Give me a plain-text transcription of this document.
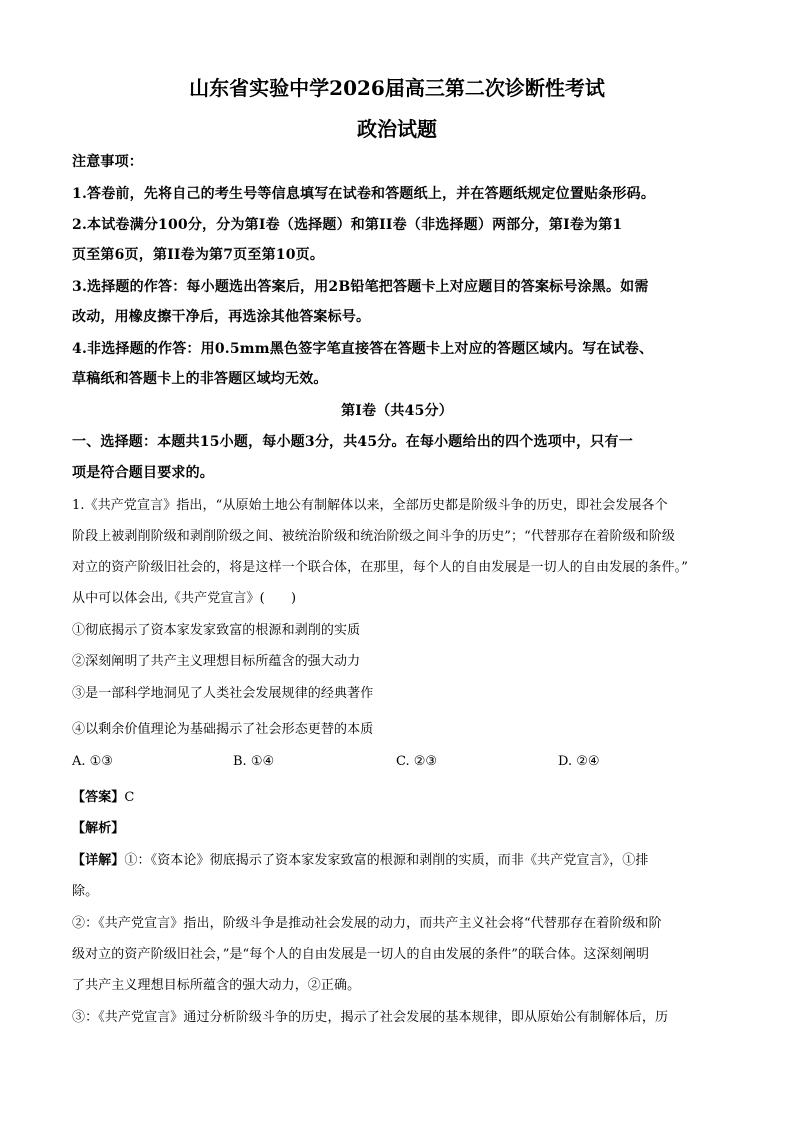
山东省实验中学2026届高三第二次诊断性考试
政治试题
注意事项：
1.答卷前，先将自己的考生号等信息填写在试卷和答题纸上，并在答题纸规定位置贴条形码。
2.本试卷满分100分，分为第I卷（选择题）和第II卷（非选择题）两部分，第I卷为第1
页至第6页，第II卷为第7页至第10页。
3.选择题的作答：每小题选出答案后，用2B铅笔把答题卡上对应题目的答案标号涂黑。如需
改动，用橡皮擦干净后，再选涂其他答案标号。
4.非选择题的作答：用0.5mm黑色签字笔直接答在答题卡上对应的答题区域内。写在试卷、
草稿纸和答题卡上的非答题区域均无效。
第I卷（共45分）
一、选择题：本题共15小题，每小题3分，共45分。在每小题给出的四个选项中，只有一
项是符合题目要求的。
1.《共产党宣言》指出，“从原始土地公有制解体以来，全部历史都是阶级斗争的历史，即社会发展各个
阶段上被剥削阶级和剥削阶级之间、被统治阶级和统治阶级之间斗争的历史”；“代替那存在着阶级和阶级
对立的资产阶级旧社会的，将是这样一个联合体，在那里，每个人的自由发展是一切人的自由发展的条件。”
从中可以体会出,《共产党宣言》(　　)
①彻底揭示了资本家发家致富的根源和剥削的实质
②深刻阐明了共产主义理想目标所蕴含的强大动力
③是一部科学地洞见了人类社会发展规律的经典著作
④以剩余价值理论为基础揭示了社会形态更替的本质
A. ①③	B. ①④	C. ②③	D. ②④
【答案】C
【解析】
【详解】①：《资本论》彻底揭示了资本家发家致富的根源和剥削的实质，而非《共产党宣言》，①排
除。
②：《共产党宣言》指出，阶级斗争是推动社会发展的动力，而共产主义社会将“代替那存在着阶级和阶
级对立的资产阶级旧社会，”是“每个人的自由发展是一切人的自由发展的条件”的联合体。这深刻阐明
了共产主义理想目标所蕴含的强大动力，②正确。
③：《共产党宣言》通过分析阶级斗争的历史，揭示了社会发展的基本规律，即从原始公有制解体后，历
